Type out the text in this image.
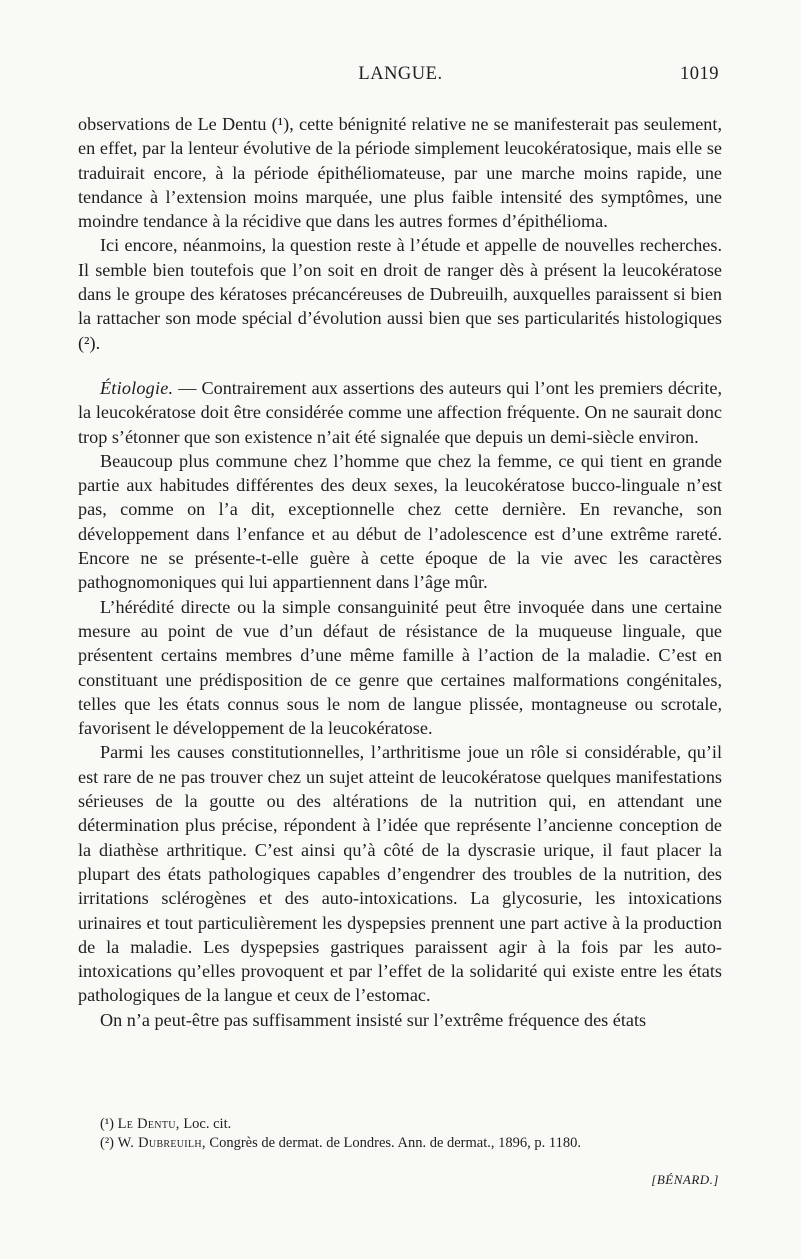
LANGUE.	1019

observations de Le Dentu (¹), cette bénignité relative ne se manifesterait pas seulement, en effet, par la lenteur évolutive de la période simplement leucokératosique, mais elle se traduirait encore, à la période épithéliomateuse, par une marche moins rapide, une tendance à l’extension moins marquée, une plus faible intensité des symptômes, une moindre tendance à la récidive que dans les autres formes d’épithélioma.

Ici encore, néanmoins, la question reste à l’étude et appelle de nouvelles recherches. Il semble bien toutefois que l’on soit en droit de ranger dès à présent la leucokératose dans le groupe des kératoses précancéreuses de Dubreuilh, auxquelles paraissent si bien la rattacher son mode spécial d’évolution aussi bien que ses particularités histologiques (²).

Étiologie. — Contrairement aux assertions des auteurs qui l’ont les premiers décrite, la leucokératose doit être considérée comme une affection fréquente. On ne saurait donc trop s’étonner que son existence n’ait été signalée que depuis un demi-siècle environ.

Beaucoup plus commune chez l’homme que chez la femme, ce qui tient en grande partie aux habitudes différentes des deux sexes, la leucokératose bucco-linguale n’est pas, comme on l’a dit, exceptionnelle chez cette dernière. En revanche, son développement dans l’enfance et au début de l’adolescence est d’une extrême rareté. Encore ne se présente-t-elle guère à cette époque de la vie avec les caractères pathognomoniques qui lui appartiennent dans l’âge mûr.

L’hérédité directe ou la simple consanguinité peut être invoquée dans une certaine mesure au point de vue d’un défaut de résistance de la muqueuse linguale, que présentent certains membres d’une même famille à l’action de la maladie. C’est en constituant une prédisposition de ce genre que certaines malformations congénitales, telles que les états connus sous le nom de langue plissée, montagneuse ou scrotale, favorisent le développement de la leucokératose.

Parmi les causes constitutionnelles, l’arthritisme joue un rôle si considérable, qu’il est rare de ne pas trouver chez un sujet atteint de leucokératose quelques manifestations sérieuses de la goutte ou des altérations de la nutrition qui, en attendant une détermination plus précise, répondent à l’idée que représente l’ancienne conception de la diathèse arthritique. C’est ainsi qu’à côté de la dyscrasie urique, il faut placer la plupart des états pathologiques capables d’engendrer des troubles de la nutrition, des irritations sclérogènes et des auto-intoxications. La glycosurie, les intoxications urinaires et tout particulièrement les dyspepsies prennent une part active à la production de la maladie. Les dyspepsies gastriques paraissent agir à la fois par les auto-intoxications qu’elles provoquent et par l’effet de la solidarité qui existe entre les états pathologiques de la langue et ceux de l’estomac.

On n’a peut-être pas suffisamment insisté sur l’extrême fréquence des états

(¹) Le Dentu, Loc. cit.

(²) W. Dubreuilh, Congrès de dermat. de Londres. Ann. de dermat., 1896, p. 1180.

[BÉNARD.]
